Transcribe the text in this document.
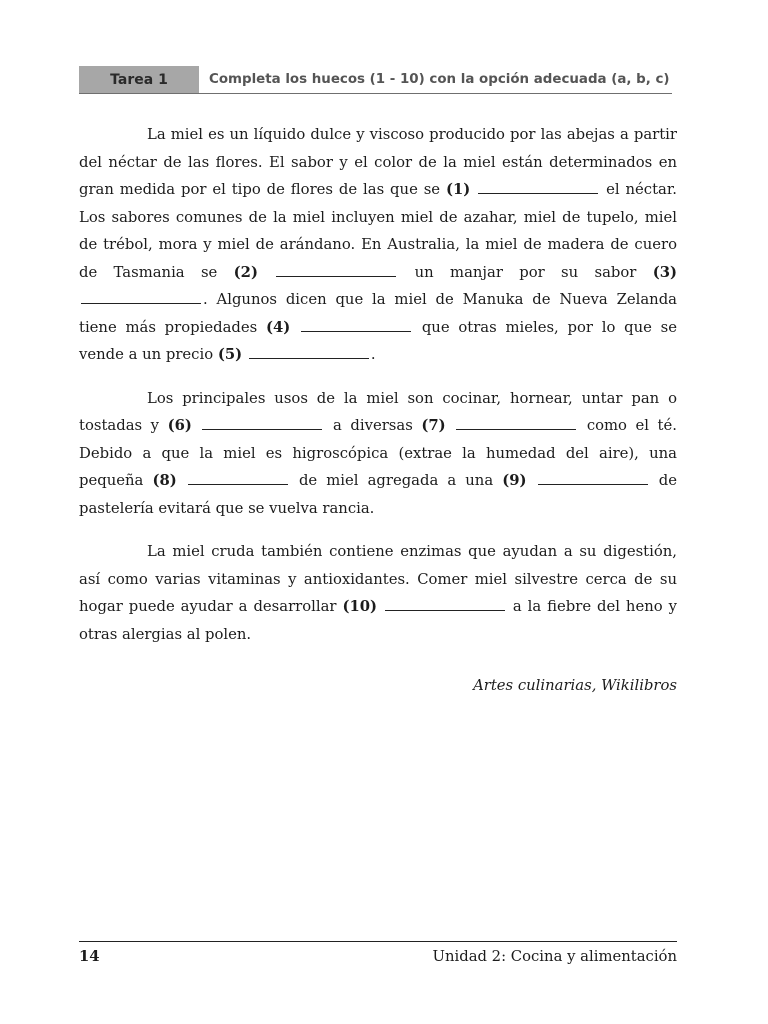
Tarea 1	Completa los huecos (1 - 10) con la opción adecuada (a, b, c)

La miel es un líquido dulce y viscoso producido por las abejas a partir del néctar de las flores. El sabor y el color de la miel están determinados en gran medida por el tipo de flores de las que se (1)	el néctar. Los sabores comunes de la miel incluyen miel de azahar, miel de tupelo, miel de trébol, mora y miel de arándano. En Australia, la miel de madera de cuero de Tasmania se (2)	un manjar por su sabor (3) . Algunos dicen que la miel de Manuka de Nueva Zelanda tiene más propiedades (4)	que otras mieles, por lo que se vende a un precio (5)	.

Los principales usos de la miel son cocinar, hornear, untar pan o tostadas y (6)	a diversas (7)	como el té. Debido a que la miel es higroscópica (extrae la humedad del aire), una pequeña (8)	de miel agregada a una (9)	de pastelería evitará que se vuelva rancia.

La miel cruda también contiene enzimas que ayudan a su digestión, así como varias vitaminas y antioxidantes. Comer miel silvestre cerca de su hogar puede ayudar a desarrollar (10)	a la fiebre del heno y otras alergias al polen.

Artes culinarias, Wikilibros
14	Unidad 2: Cocina y alimentación
